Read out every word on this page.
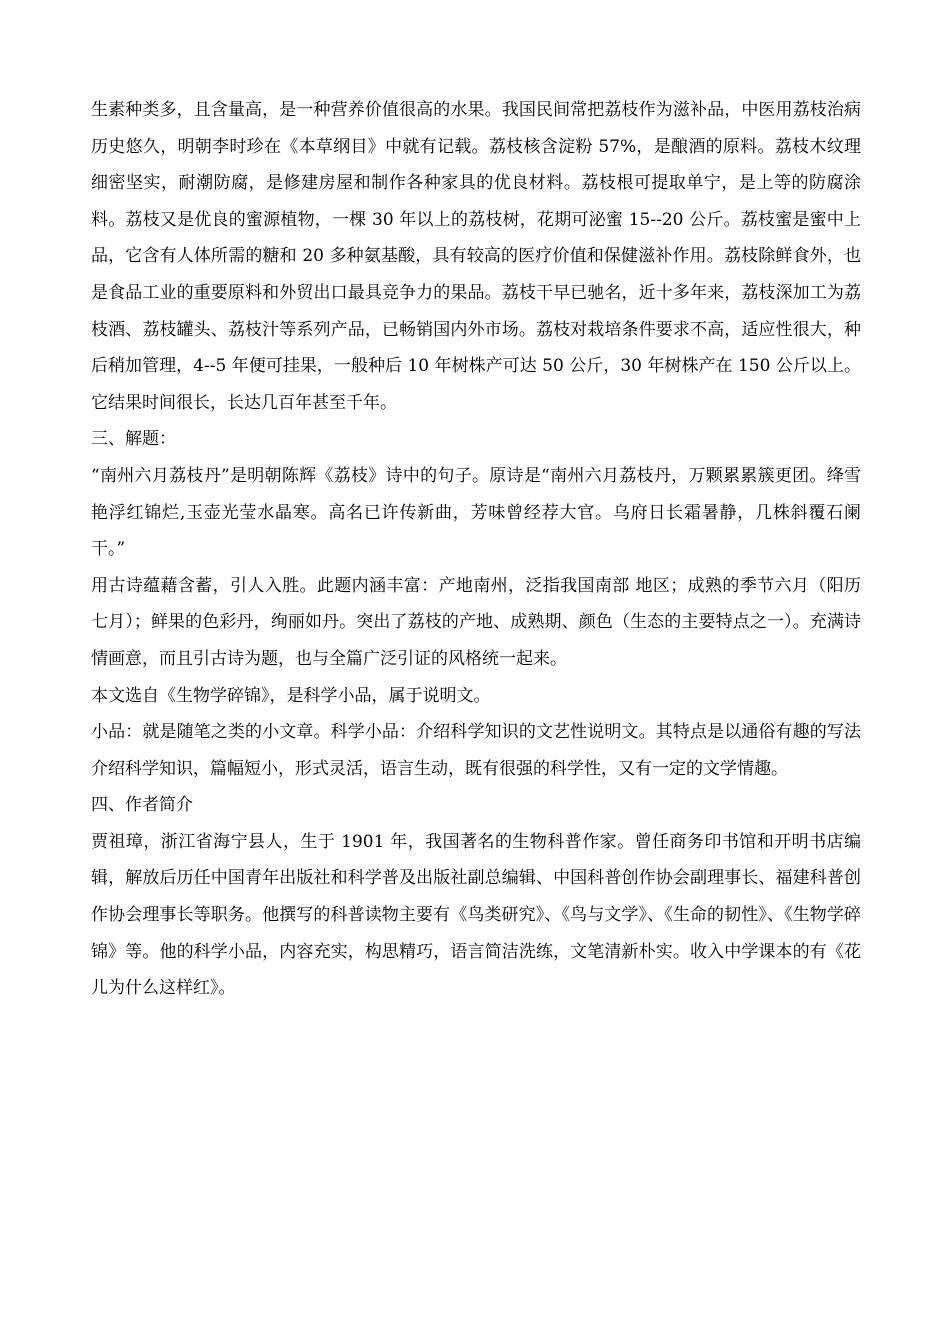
生素种类多，且含量高，是一种营养价值很高的水果。我国民间常把荔枝作为滋补品，中医用荔枝治病历史悠久，明朝李时珍在《本草纲目》中就有记载。荔枝核含淀粉 57%，是酿酒的原料。荔枝木纹理细密坚实，耐潮防腐，是修建房屋和制作各种家具的优良材料。荔枝根可提取单宁，是上等的防腐涂料。荔枝又是优良的蜜源植物，一棵 30 年以上的荔枝树，花期可泌蜜 15--20 公斤。荔枝蜜是蜜中上品，它含有人体所需的糖和 20 多种氨基酸，具有较高的医疗价值和保健滋补作用。荔枝除鲜食外，也是食品工业的重要原料和外贸出口最具竞争力的果品。荔枝干早已驰名，近十多年来，荔枝深加工为荔枝酒、荔枝罐头、荔枝汁等系列产品，已畅销国内外市场。荔枝对栽培条件要求不高，适应性很大，种后稍加管理，4--5 年便可挂果，一般种后 10 年树株产可达 50 公斤，30 年树株产在 150 公斤以上。它结果时间很长，长达几百年甚至千年。

三、解题：

“南州六月荔枝丹”是明朝陈辉《荔枝》诗中的句子。原诗是“南州六月荔枝丹，万颗累累簇更团。绛雪艳浮红锦烂,玉壶光莹水晶寒。高名已许传新曲，芳味曾经荐大官。乌府日长霜暑静，几株斜覆石阑干。”

用古诗蕴藉含蓄，引人入胜。此题内涵丰富：产地南州，泛指我国南部 地区；成熟的季节六月（阳历七月）；鲜果的色彩丹，绚丽如丹。突出了荔枝的产地、成熟期、颜色（生态的主要特点之一）。充满诗情画意，而且引古诗为题，也与全篇广泛引证的风格统一起来。

本文选自《生物学碎锦》，是科学小品，属于说明文。

小品：就是随笔之类的小文章。科学小品：介绍科学知识的文艺性说明文。其特点是以通俗有趣的写法介绍科学知识，篇幅短小，形式灵活，语言生动，既有很强的科学性，又有一定的文学情趣。

四、作者简介

贾祖璋，浙江省海宁县人，生于 1901 年，我国著名的生物科普作家。曾任商务印书馆和开明书店编辑，解放后历任中国青年出版社和科学普及出版社副总编辑、中国科普创作协会副理事长、福建科普创作协会理事长等职务。他撰写的科普读物主要有《鸟类研究》、《鸟与文学》、《生命的韧性》、《生物学碎锦》等。他的科学小品，内容充实，构思精巧，语言简洁洗练，文笔清新朴实。收入中学课本的有《花儿为什么这样红》。
